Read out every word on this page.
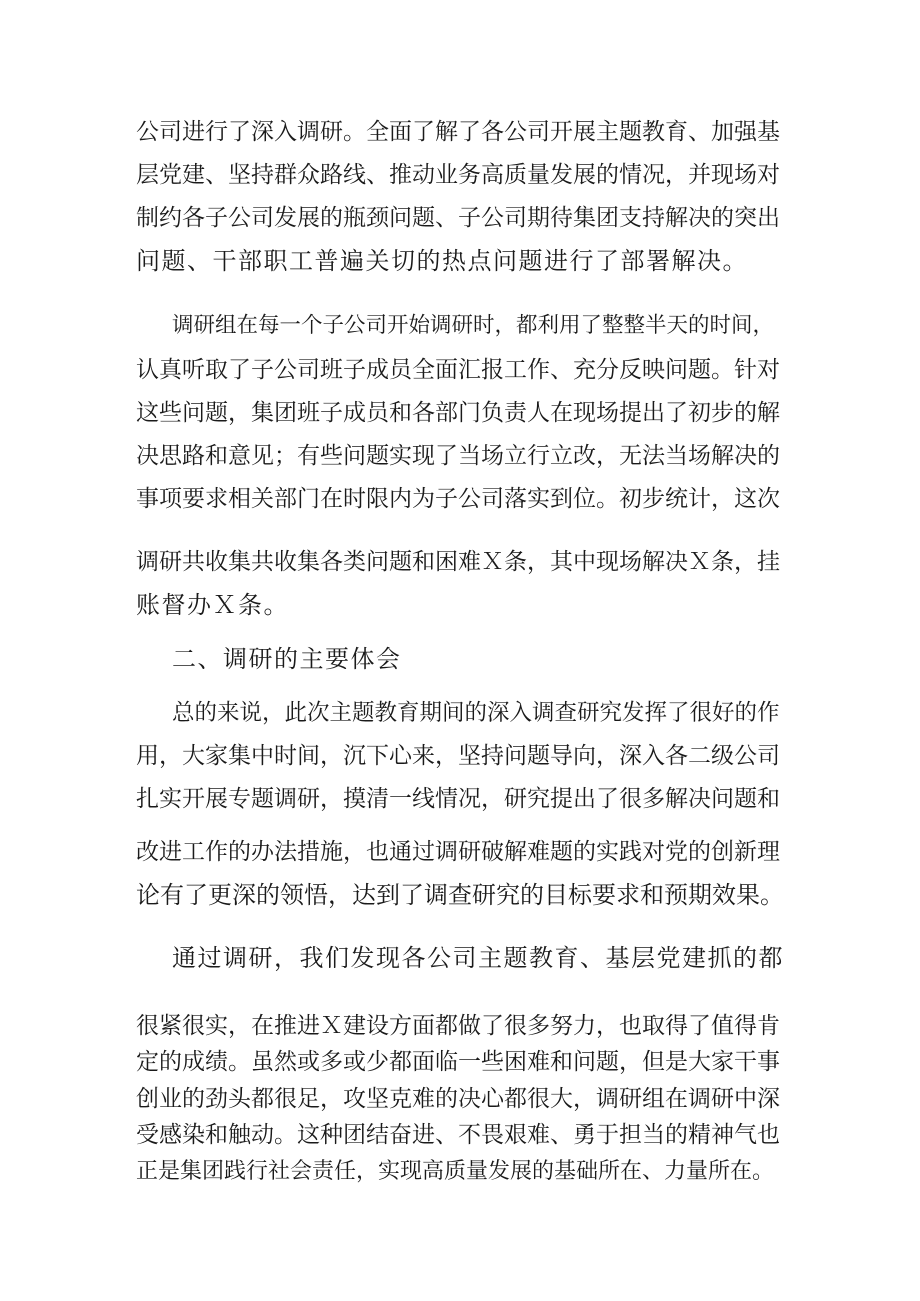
公司进行了深入调研。全面了解了各公司开展主题教育、加强基
层党建、坚持群众路线、推动业务高质量发展的情况，并现场对
制约各子公司发展的瓶颈问题、子公司期待集团支持解决的突出
问题、干部职工普遍关切的热点问题进行了部署解决。
调研组在每一个子公司开始调研时，都利用了整整半天的时间，
认真听取了子公司班子成员全面汇报工作、充分反映问题。针对
这些问题，集团班子成员和各部门负责人在现场提出了初步的解
决思路和意见；有些问题实现了当场立行立改，无法当场解决的
事项要求相关部门在时限内为子公司落实到位。初步统计，这次
调研共收集共收集各类问题和困难Ｘ条，其中现场解决Ｘ条，挂
账督办Ｘ条。
二、调研的主要体会
总的来说，此次主题教育期间的深入调查研究发挥了很好的作
用，大家集中时间，沉下心来，坚持问题导向，深入各二级公司
扎实开展专题调研，摸清一线情况，研究提出了很多解决问题和
改进工作的办法措施，也通过调研破解难题的实践对党的创新理
论有了更深的领悟，达到了调查研究的目标要求和预期效果。
通过调研，我们发现各公司主题教育、基层党建抓的都
很紧很实，在推进Ｘ建设方面都做了很多努力，也取得了值得肯
定的成绩。虽然或多或少都面临一些困难和问题，但是大家干事
创业的劲头都很足，攻坚克难的决心都很大，调研组在调研中深
受感染和触动。这种团结奋进、不畏艰难、勇于担当的精神气也
正是集团践行社会责任，实现高质量发展的基础所在、力量所在。
